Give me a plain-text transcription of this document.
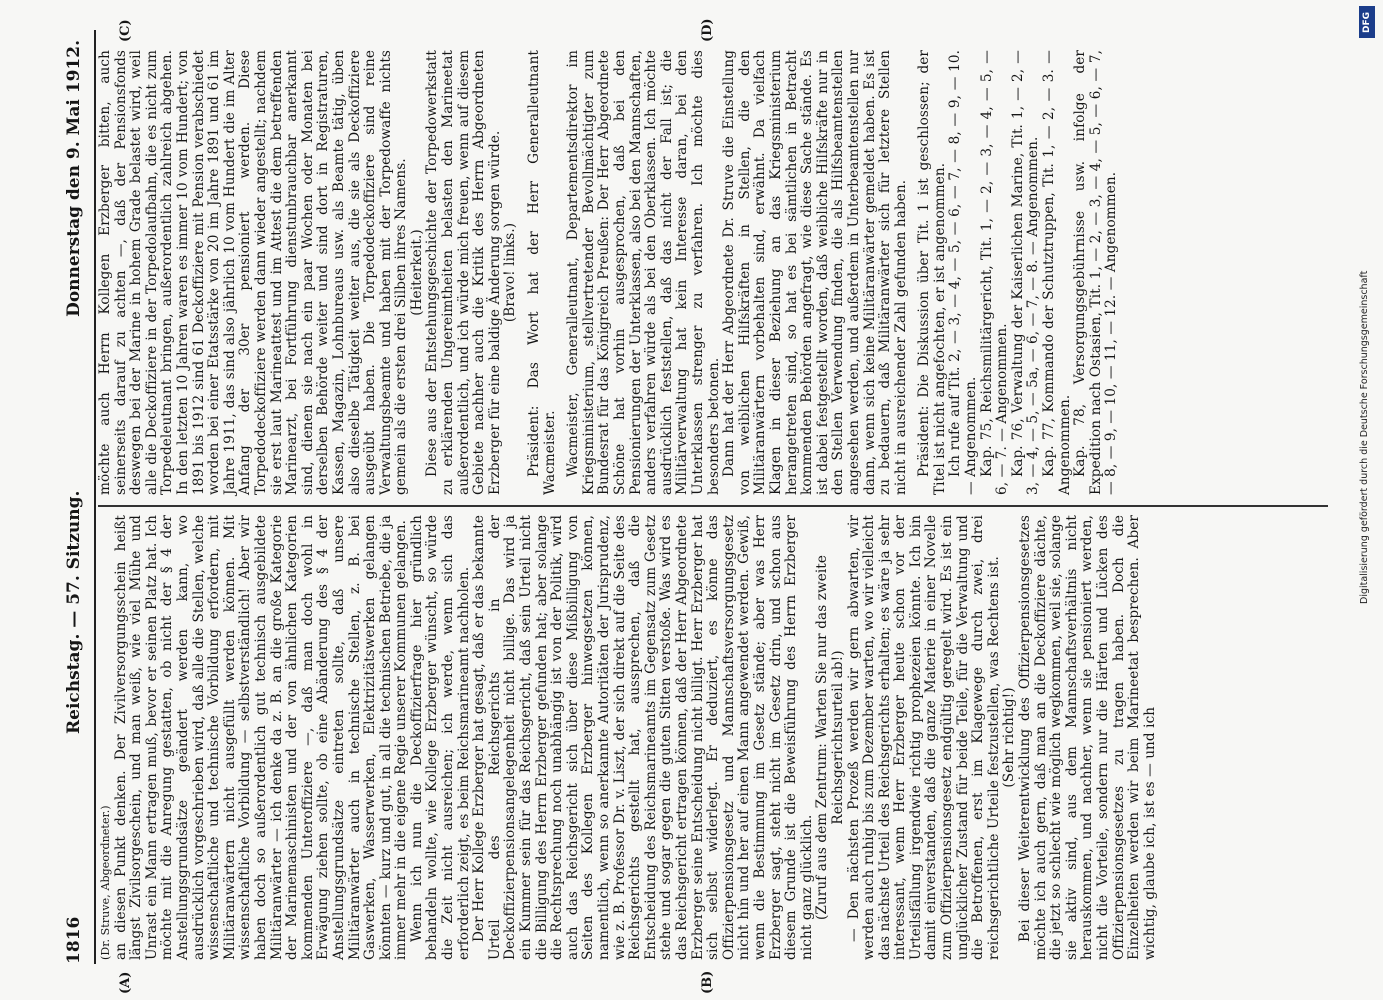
1816
Reichstag. — 57. Sitzung.
Donnerstag den 9. Mai 1912.
(A)	(B)
(C)	(D)

(Dr. Struve, Abgeordneter.) an diesen Punkt denken. Der Zivilversorgungsschein heißt längst Zivilsorgeschein, und man weiß, wie viel Mühe und Unrast ein Mann ertragen muß, bevor er seinen Platz hat. Ich möchte mit die Anregung gestatten, ob nicht der § 4 der Anstellungsgrundsätze geändert werden kann, wo ausdrücklich vorgeschrieben wird, daß alle die Stellen, welche wissenschaftliche und technische Vorbildung erfordern, mit Militäranwärtern nicht ausgefüllt werden können. Mit wissenschaftliche Vorbildung — selbstverständlich! Aber wir haben doch so außerordentlich gut technisch ausgebildete Militäranwärter — ich denke da z. B. an die große Kategorie der Marinemaschinisten und der von ähnlichen Kategorien kommenden Unteroffiziere —, daß man doch wohl in Erwägung ziehen sollte, ob eine Abänderung des § 4 der Anstellungsgrundsätze eintreten sollte, daß unsere Militäranwärter auch in technische Stellen, z. B. bei Gaswerken, Wasserwerken, Elektrizitätswerken gelangen könnten — kurz und gut, in all die technischen Betriebe, die ja immer mehr in die eigene Regie unserer Kommunen gelangen. Wenn ich nun die Deckoffizierfrage hier gründlich behandeln wollte, wie Kollege Erzberger wünscht, so würde die Zeit nicht ausreichen; ich werde, wenn sich das erforderlich zeigt, es beim Reichsmarineamt nachholen. Der Herr Kollege Erzberger hat gesagt, daß er das bekannte Urteil des Reichsgerichts in der Deckoffizierpensionsangelegenheit nicht billige. Das wird ja ein Kummer sein für das Reichsgericht, daß sein Urteil nicht die Billigung des Herrn Erzberger gefunden hat; aber solange die Rechtsprechung noch unabhängig ist von der Politik, wird auch das Reichsgericht sich über diese Mißbilligung von Seiten des Kollegen Erzberger hinwegsetzen können, namentlich, wenn so anerkannte Autoritäten der Jurisprudenz, wie z. B. Professor Dr. v. Liszt, der sich direkt auf die Seite des Reichsgerichts gestellt hat, aussprechen, daß die Entscheidung des Reichsmarineamts im Gegensatz zum Gesetz stehe und sogar gegen die guten Sitten verstoße. Was wird es das Reichsgericht ertragen können, daß der Herr Abgeordnete Erzberger seine Entscheidung nicht billigt. Herr Erzberger hat sich selbst widerlegt. Er deduziert, es könne das Offizierpensionsgesetz und Mannschaftsversorgungsgesetz nicht hin und her auf einen Mann angewendet werden. Gewiß, wenn die Bestimmung im Gesetz stände; aber was Herr Erzberger sagt, steht nicht im Gesetz drin, und schon aus diesem Grunde ist die Beweisführung des Herrn Erzberger nicht ganz glücklich. (Zuruf aus dem Zentrum: Warten Sie nur das zweite Reichsgerichtsurteil ab!) — Den nächsten Prozeß werden wir gern abwarten, wir werden auch ruhig bis zum Dezember warten, wo wir vielleicht das nächste Urteil des Reichsgerichts erhalten; es wäre ja sehr interessant, wenn Herr Erzberger heute schon vor der Urteilsfällung irgendwie richtig prophezeien könnte. Ich bin damit einverstanden, daß die ganze Materie in einer Novelle zum Offizierpensionsgesetz endgültig geregelt wird. Es ist ein unglücklicher Zustand für beide Teile, für die Verwaltung und die Betroffenen, erst im Klagewege durch zwei, drei reichsgerichtliche Urteile festzustellen, was Rechtens ist. (Sehr richtig!) Bei dieser Weiterentwicklung des Offizierpensionsgesetzes möchte ich auch gern, daß man an die Deckoffiziere dächte, die jetzt so schlecht wie möglich wegkommen, weil sie, solange sie aktiv sind, aus dem Mannschaftsverhältnis nicht herauskommen, und nachher, wenn sie pensioniert werden, nicht die Vorteile, sondern nur die Härten und Lücken des Offizierpensionsgesetzes zu tragen haben. Doch die Einzelheiten werden wir beim Marineetat besprechen. Aber wichtig, glaube ich, ist es — und ich

möchte auch Herrn Kollegen Erzberger bitten, auch seinerseits darauf zu achten —, daß der Pensionsfonds deswegen bei der Marine in hohem Grade belastet wird, weil alle die Deckoffiziere in der Torpedolaufbahn, die es nicht zum Torpedeleutnant bringen, außerordentlich zahlreich abgehen. In den letzten 10 Jahren waren es immer 10 vom Hundert; von 1891 bis 1912 sind 61 Deckoffiziere mit Pension verabschiedet worden bei einer Etatsstärke von 20 im Jahre 1891 und 61 im Jahre 1911, das sind also jährlich 10 vom Hundert die im Alter Anfang der 30er pensioniert werden. Diese Torpedodeckoffiziere werden dann wieder angestellt; nachdem sie erst laut Marineattest und im Attest die dem betreffenden Marinearzt, bei Fortführung dienstunbrauchbar anerkannt sind, dienen sie nach ein paar Wochen oder Monaten bei derselben Behörde weiter und sind dort in Registraturen, Kassen, Magazin, Lohnbureaus usw. als Beamte tätig, üben also dieselbe Tätigkeit weiter aus, die sie als Deckoffiziere ausgeübt haben. Die Torpedodeckoffiziere sind reine Verwaltungsbeamte und haben mit der Torpedowaffe nichts gemein als die ersten drei Silben ihres Namens. (Heiterkeit.) Diese aus der Entstehungsgeschichte der Torpedowerkstatt zu erklärenden Ungereimtheiten belasten den Marineetat außerordentlich, und ich würde mich freuen, wenn auf diesem Gebiete nachher auch die Kritik des Herrn Abgeordneten Erzberger für eine baldige Änderung sorgen würde. (Bravo! links.) Präsident: Das Wort hat der Herr Generalleutnant Wacmeister. Wacmeister, Generalleutnant, Departementsdirektor im Kriegsministerium, stellvertretender Bevollmächtigter zum Bundesrat für das Königreich Preußen: Der Herr Abgeordnete Schöne hat vorhin ausgesprochen, daß bei den Pensionierungen der Unterklassen, also bei den Mannschaften, anders verfahren würde als bei den Oberklassen. Ich möchte ausdrücklich feststellen, daß das nicht der Fall ist; die Militärverwaltung hat kein Interesse daran, bei den Unterklassen strenger zu verfahren. Ich möchte dies besonders betonen. Dann hat der Herr Abgeordnete Dr. Struve die Einstellung von weiblichen Hilfskräften in Stellen, die den Militäranwärtern vorbehalten sind, erwähnt. Da vielfach Klagen in dieser Beziehung an das Kriegsministerium herangetreten sind, so hat es bei sämtlichen in Betracht kommenden Behörden angefragt, wie diese Sache stände. Es ist dabei festgestellt worden, daß weibliche Hilfskräfte nur in den Stellen Verwendung finden, die als Hilfsbeamtenstellen angesehen werden, und außerdem in Unterbeamtenstellen nur dann, wenn sich keine Militäranwärter gemeldet haben. Es ist zu bedauern, daß Militäranwärter sich für letztere Stellen nicht in ausreichender Zahl gefunden haben. Präsident: Die Diskussion über Tit. 1 ist geschlossen; der Titel ist nicht angefochten, er ist angenommen. Ich rufe auf Tit. 2, — 3, — 4, — 5, — 6, — 7, — 8, — 9, — 10. — Angenommen. Kap. 75, Reichsmilitärgericht, Tit. 1, — 2, — 3, — 4, — 5, — 6, — 7. — Angenommen. Kap. 76, Verwaltung der Kaiserlichen Marine, Tit. 1, — 2, — 3, — 4, — 5, — 5a, — 6, — 7, — 8. — Angenommen. Kap. 77, Kommando der Schutztruppen, Tit. 1, — 2, — 3. — Angenommen. Kap. 78, Versorgungsgebührnisse usw. infolge der Expedition nach Ostasien, Tit. 1, — 2, — 3, — 4, — 5, — 6, — 7, — 8, — 9, — 10, — 11, — 12. — Angenommen.

DFG
Digitalisierung gefördert durch die Deutsche Forschungsgemeinschaft
